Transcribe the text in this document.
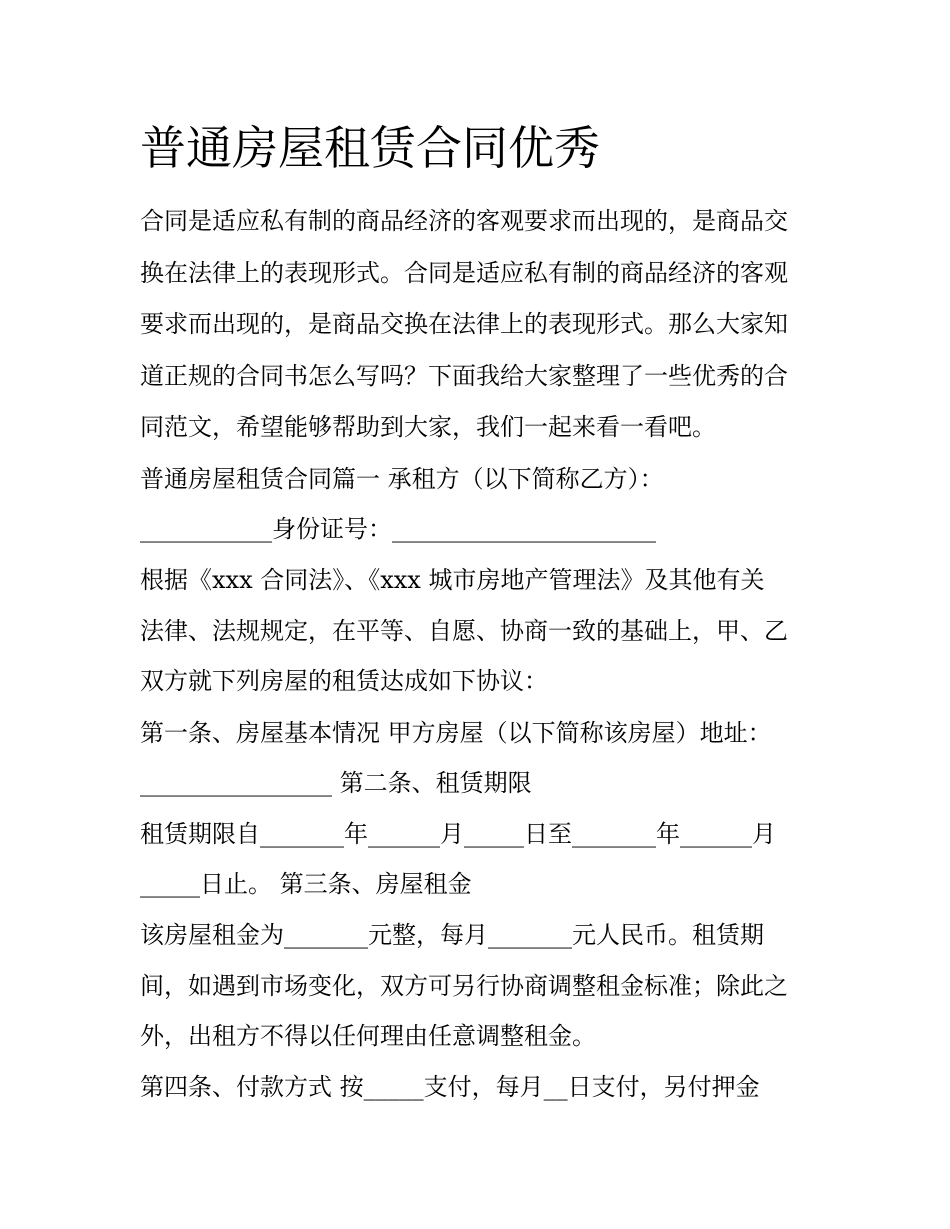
普通房屋租赁合同优秀
合同是适应私有制的商品经济的客观要求而出现的，是商品交
换在法律上的表现形式。合同是适应私有制的商品经济的客观
要求而出现的，是商品交换在法律上的表现形式。那么大家知
道正规的合同书怎么写吗？下面我给大家整理了一些优秀的合
同范文，希望能够帮助到大家，我们一起来看一看吧。
普通房屋租赁合同篇一 承租方（以下简称乙方）：
___________身份证号：______________________
根据《xxx 合同法》、《xxx 城市房地产管理法》及其他有关
法律、法规规定，在平等、自愿、协商一致的基础上，甲、乙
双方就下列房屋的租赁达成如下协议：
第一条、房屋基本情况 甲方房屋（以下简称该房屋）地址：
________________ 第二条、租赁期限
租赁期限自_______年______月_____日至_______年______月
_____日止。 第三条、房屋租金
该房屋租金为_______元整，每月_______元人民币。租赁期
间，如遇到市场变化，双方可另行协商调整租金标准；除此之
外，出租方不得以任何理由任意调整租金。
第四条、付款方式 按_____支付，每月__日支付，另付押金
